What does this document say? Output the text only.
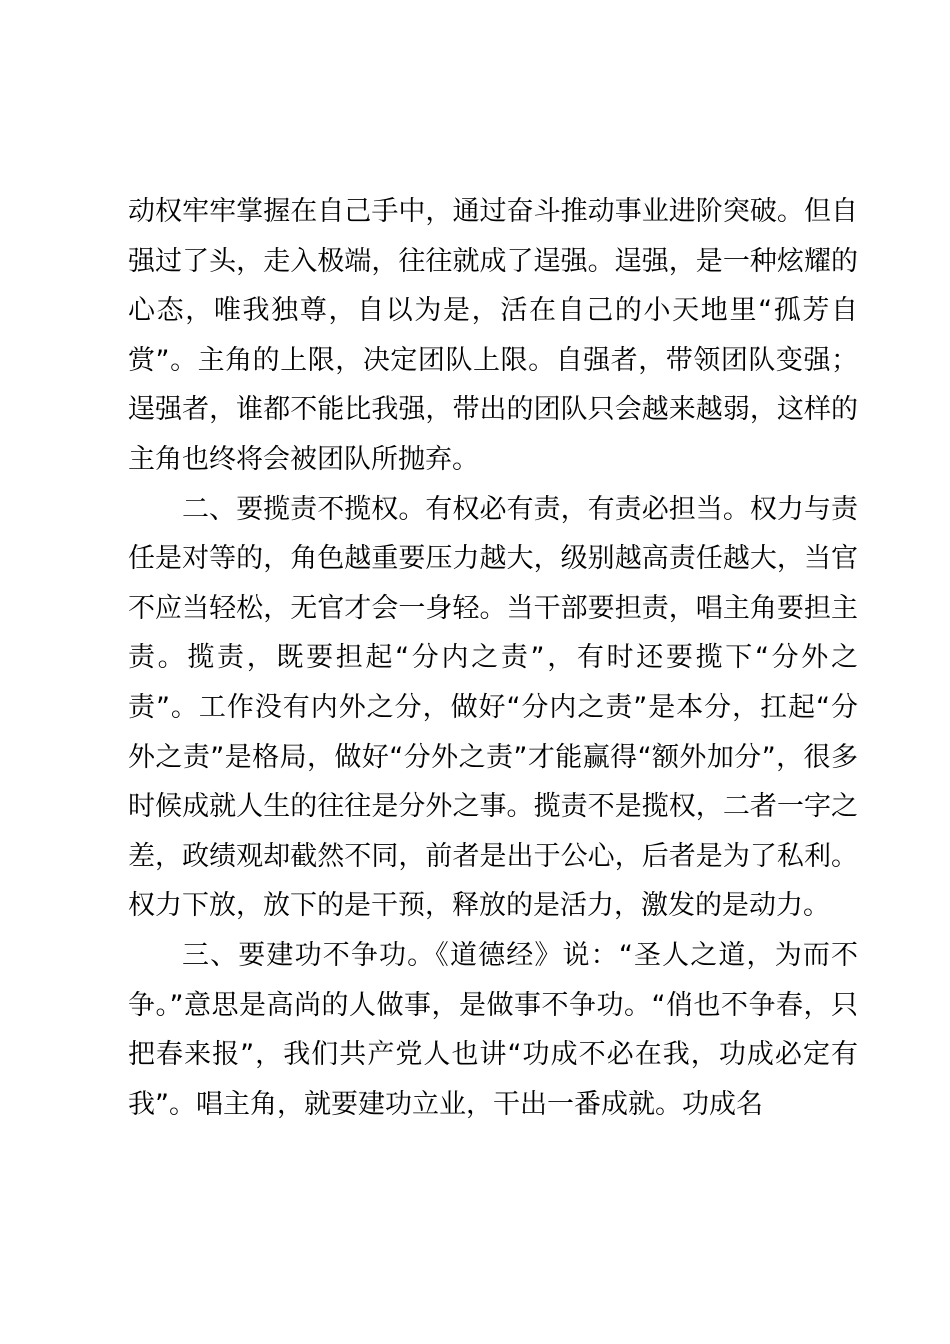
动权牢牢掌握在自己手中，通过奋斗推动事业进阶突破。但自强过了头，走入极端，往往就成了逞强。逞强，是一种炫耀的心态，唯我独尊，自以为是，活在自己的小天地里“孤芳自赏”。主角的上限，决定团队上限。自强者，带领团队变强；逞强者，谁都不能比我强，带出的团队只会越来越弱，这样的主角也终将会被团队所抛弃。

二、要揽责不揽权。有权必有责，有责必担当。权力与责任是对等的，角色越重要压力越大，级别越高责任越大，当官不应当轻松，无官才会一身轻。当干部要担责，唱主角要担主责。揽责，既要担起“分内之责”，有时还要揽下“分外之责”。工作没有内外之分，做好“分内之责”是本分，扛起“分外之责”是格局，做好“分外之责”才能赢得“额外加分”，很多时候成就人生的往往是分外之事。揽责不是揽权，二者一字之差，政绩观却截然不同，前者是出于公心，后者是为了私利。权力下放，放下的是干预，释放的是活力，激发的是动力。

三、要建功不争功。《道德经》说：“圣人之道，为而不争。”意思是高尚的人做事，是做事不争功。“俏也不争春，只把春来报”，我们共产党人也讲“功成不必在我，功成必定有我”。唱主角，就要建功立业，干出一番成就。功成名
